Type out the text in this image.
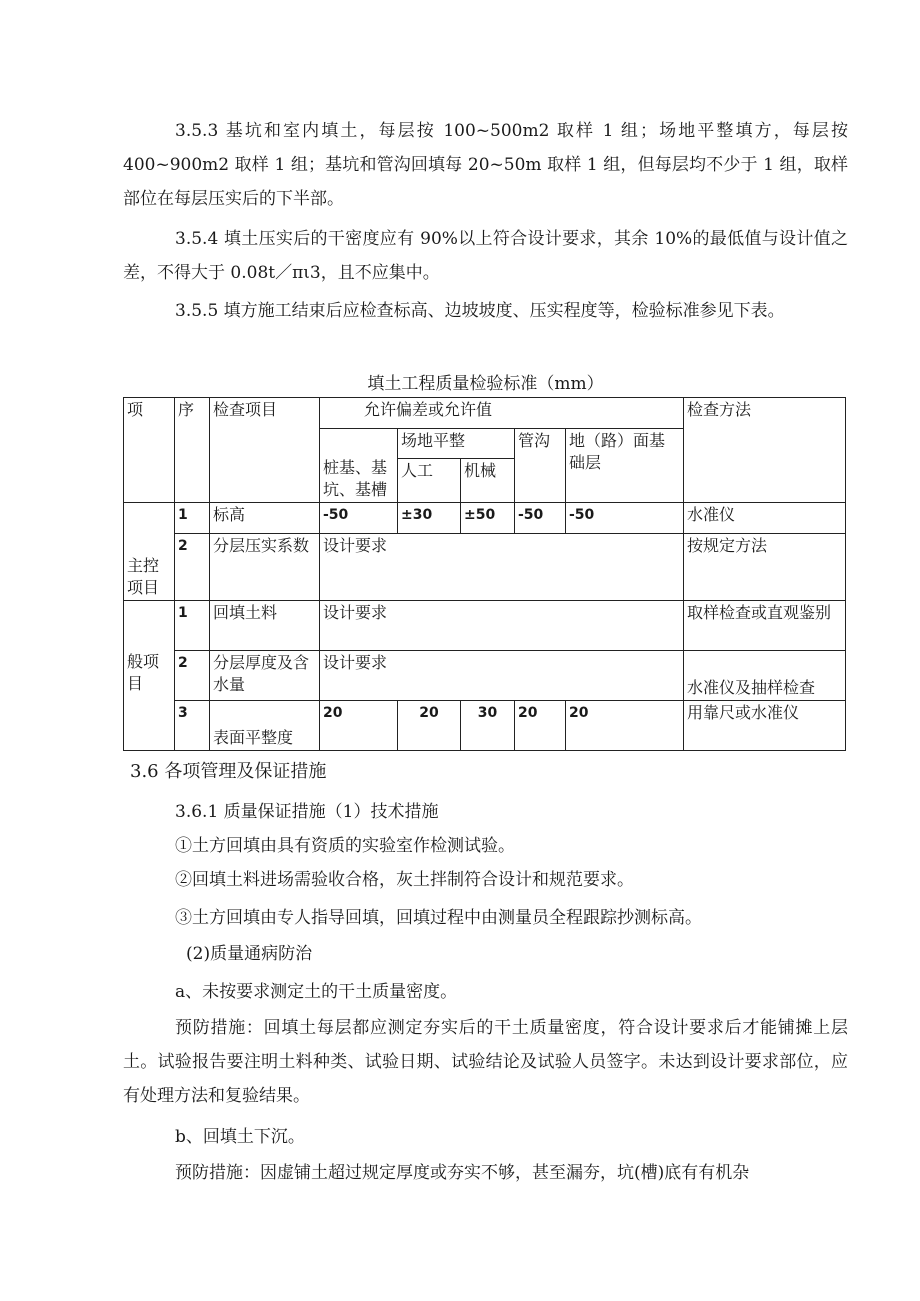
3.5.3 基坑和室内填土，每层按 100~500m2 取样 1 组；场地平整填方，每层按 400~900m2 取样 1 组；基坑和管沟回填每 20~50m 取样 1 组，但每层均不少于 1 组，取样部位在每层压实后的下半部。

3.5.4 填土压实后的干密度应有 90%以上符合设计要求，其余 10%的最低值与设计值之差，不得大于 0.08t／πι3，且不应集中。

3.5.5 填方施工结束后应检查标高、边坡坡度、压实程度等，检验标准参见下表。

填土工程质量检验标准（mm）
项	序	检查项目	允许偏差或允许值					检查方法
			桩基、基坑、基槽	场地平整		管沟	地（路）面基础层	
				人工	机械			
主控项目	1	标高	-50	±30	±50	-50	-50	水准仪
	2	分层压实系数	设计要求					按规定方法
般项目	1	回填土料	设计要求					取样检查或直观鉴别
	2	分层厚度及含水量	设计要求					水准仪及抽样检查
	3	表面平整度	20	20	30	20	20	用靠尺或水准仪
3.6 各项管理及保证措施
3.6.1 质量保证措施（1）技术措施
①土方回填由具有资质的实验室作检测试验。
②回填土料进场需验收合格，灰土拌制符合设计和规范要求。
③土方回填由专人指导回填，回填过程中由测量员全程跟踪抄测标高。
(2)质量通病防治
a、未按要求测定土的干土质量密度。

预防措施：回填土每层都应测定夯实后的干土质量密度，符合设计要求后才能铺摊上层土。试验报告要注明土料种类、试验日期、试验结论及试验人员签字。未达到设计要求部位，应有处理方法和复验结果。

b、回填土下沉。
预防措施：因虚铺土超过规定厚度或夯实不够，甚至漏夯，坑(槽)底有有机杂
